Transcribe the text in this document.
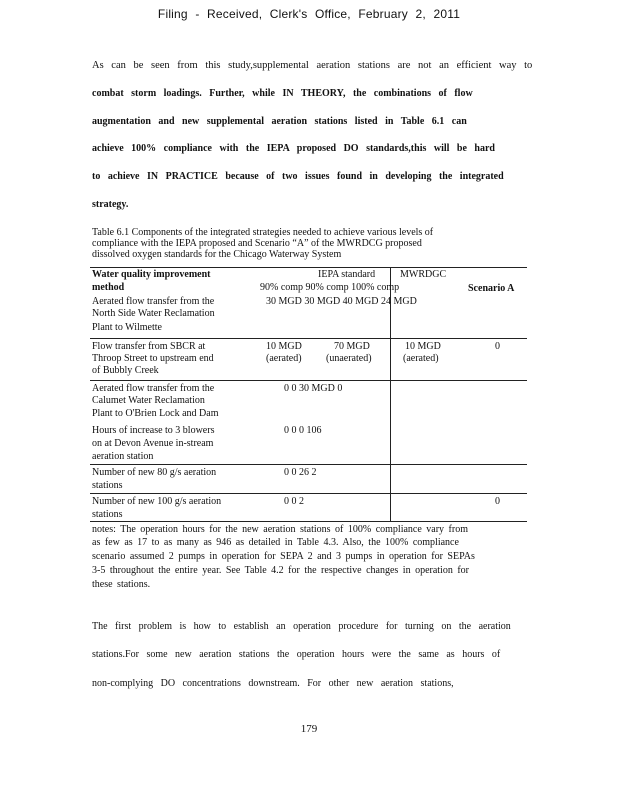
Filing - Received, Clerk's Office, February 2, 2011
As can be seen from this study,supplemental aeration stations are not an efficient way to
combat storm loadings. Further, while IN THEORY, the combinations of flow
augmentation and new supplemental aeration stations listed in Table 6.1 can
achieve 100% compliance with the IEPA proposed DO standards,this will be hard
to achieve IN PRACTICE because of two issues found in developing the integrated
strategy.
Table 6.1 Components of the integrated strategies needed to achieve various levels of
compliance with the IEPA proposed and Scenario “A” of the MWRDCG proposed
dissolved oxygen standards for the Chicago Waterway System
Water quality improvement
method
IEPA standard MWRDGC
90% comp 90% comp 100% comp	Scenario A
Aerated flow transfer from the
North Side Water Reclamation
Plant to Wilmette
30 MGD 30 MGD 40 MGD 24 MGD
Flow transfer from SBCR at
Throop Street to upstream end
of Bubbly Creek
10 MGD
(aerated)
70 MGD
(unaerated)
10 MGD
(aerated)
0
Aerated flow transfer from the
Calumet Water Reclamation
Plant to O'Brien Lock and Dam
0 0 30 MGD 0
Hours of increase to 3 blowers
on at Devon Avenue in-stream
aeration station
0 0 0 106
Number of new 80 g/s aeration
stations
0 0 26 2
Number of new 100 g/s aeration
stations
0 0 2	0
notes: The operation hours for the new aeration stations of 100% compliance vary from
as few as 17 to as many as 946 as detailed in Table 4.3. Also, the 100% compliance
scenario assumed 2 pumps in operation for SEPA 2 and 3 pumps in operation for SEPAs
3-5 throughout the entire year. See Table 4.2 for the respective changes in operation for
these stations.
The first problem is how to establish an operation procedure for turning on the aeration
stations.For some new aeration stations the operation hours were the same as hours of
non-complying DO concentrations downstream. For other new aeration stations,
179
